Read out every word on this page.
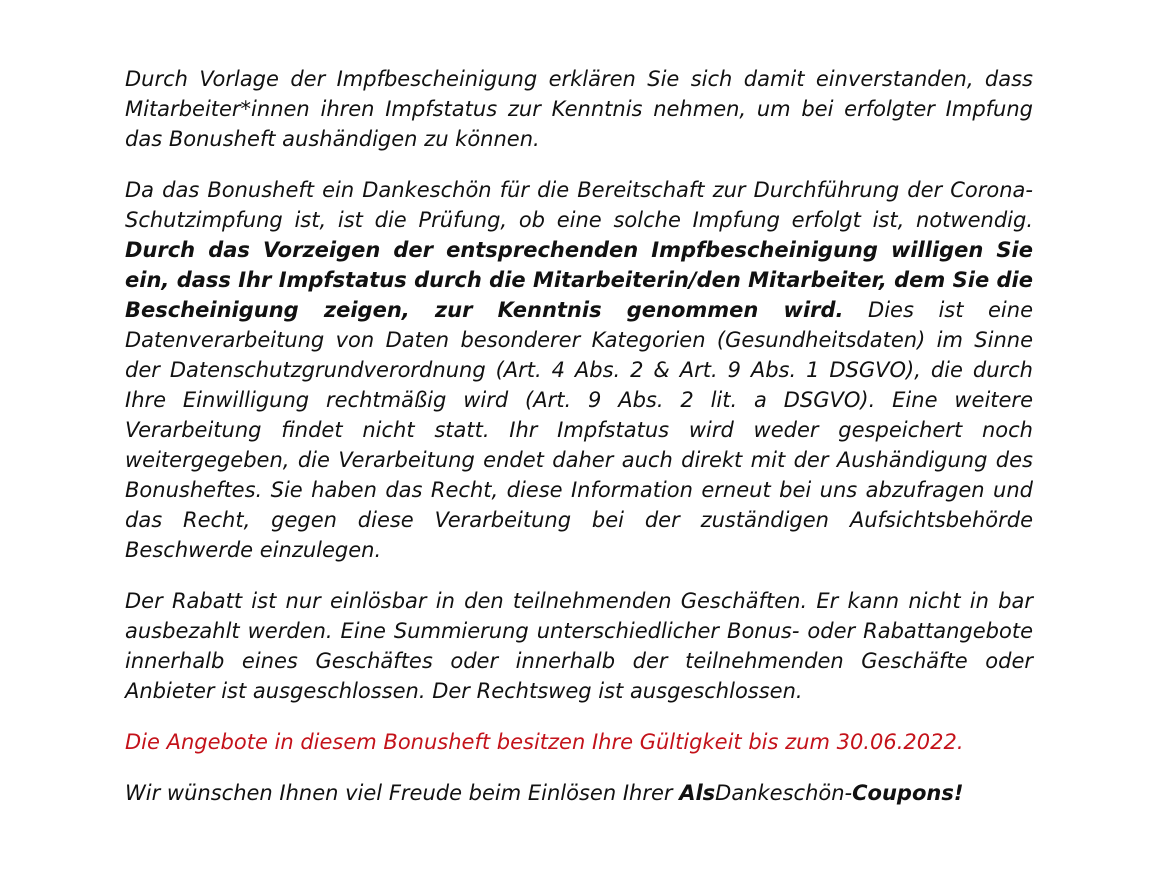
Durch Vorlage der Impfbescheinigung erklären Sie sich damit einverstanden, dass Mitarbeiter*innen ihren Impfstatus zur Kenntnis nehmen, um bei erfolgter Impfung das Bonusheft aushändigen zu können.

Da das Bonusheft ein Dankeschön für die Bereitschaft zur Durchführung der Corona-Schutzimpfung ist, ist die Prüfung, ob eine solche Impfung erfolgt ist, notwendig. Durch das Vorzeigen der entsprechenden Impfbescheinigung willigen Sie ein, dass Ihr Impfstatus durch die Mitarbeiterin/den Mitarbeiter, dem Sie die Bescheinigung zeigen, zur Kenntnis genommen wird. Dies ist eine Datenverarbeitung von Daten besonderer Kategorien (Gesundheitsdaten) im Sinne der Datenschutzgrundverordnung (Art. 4 Abs. 2 & Art. 9 Abs. 1 DSGVO), die durch Ihre Einwilligung rechtmäßig wird (Art. 9 Abs. 2 lit. a DSGVO). Eine weitere Verarbeitung findet nicht statt. Ihr Impfstatus wird weder gespeichert noch weitergegeben, die Verarbeitung endet daher auch direkt mit der Aushändigung des Bonusheftes. Sie haben das Recht, diese Information erneut bei uns abzufragen und das Recht, gegen diese Verarbeitung bei der zuständigen Aufsichtsbehörde Beschwerde einzulegen.

Der Rabatt ist nur einlösbar in den teilnehmenden Geschäften. Er kann nicht in bar ausbezahlt werden. Eine Summierung unterschiedlicher Bonus- oder Rabattangebote innerhalb eines Geschäftes oder innerhalb der teilnehmenden Geschäfte oder Anbieter ist ausgeschlossen. Der Rechtsweg ist ausgeschlossen.

Die Angebote in diesem Bonusheft besitzen Ihre Gültigkeit bis zum 30.06.2022.

Wir wünschen Ihnen viel Freude beim Einlösen Ihrer AlsDankeschön-Coupons!
